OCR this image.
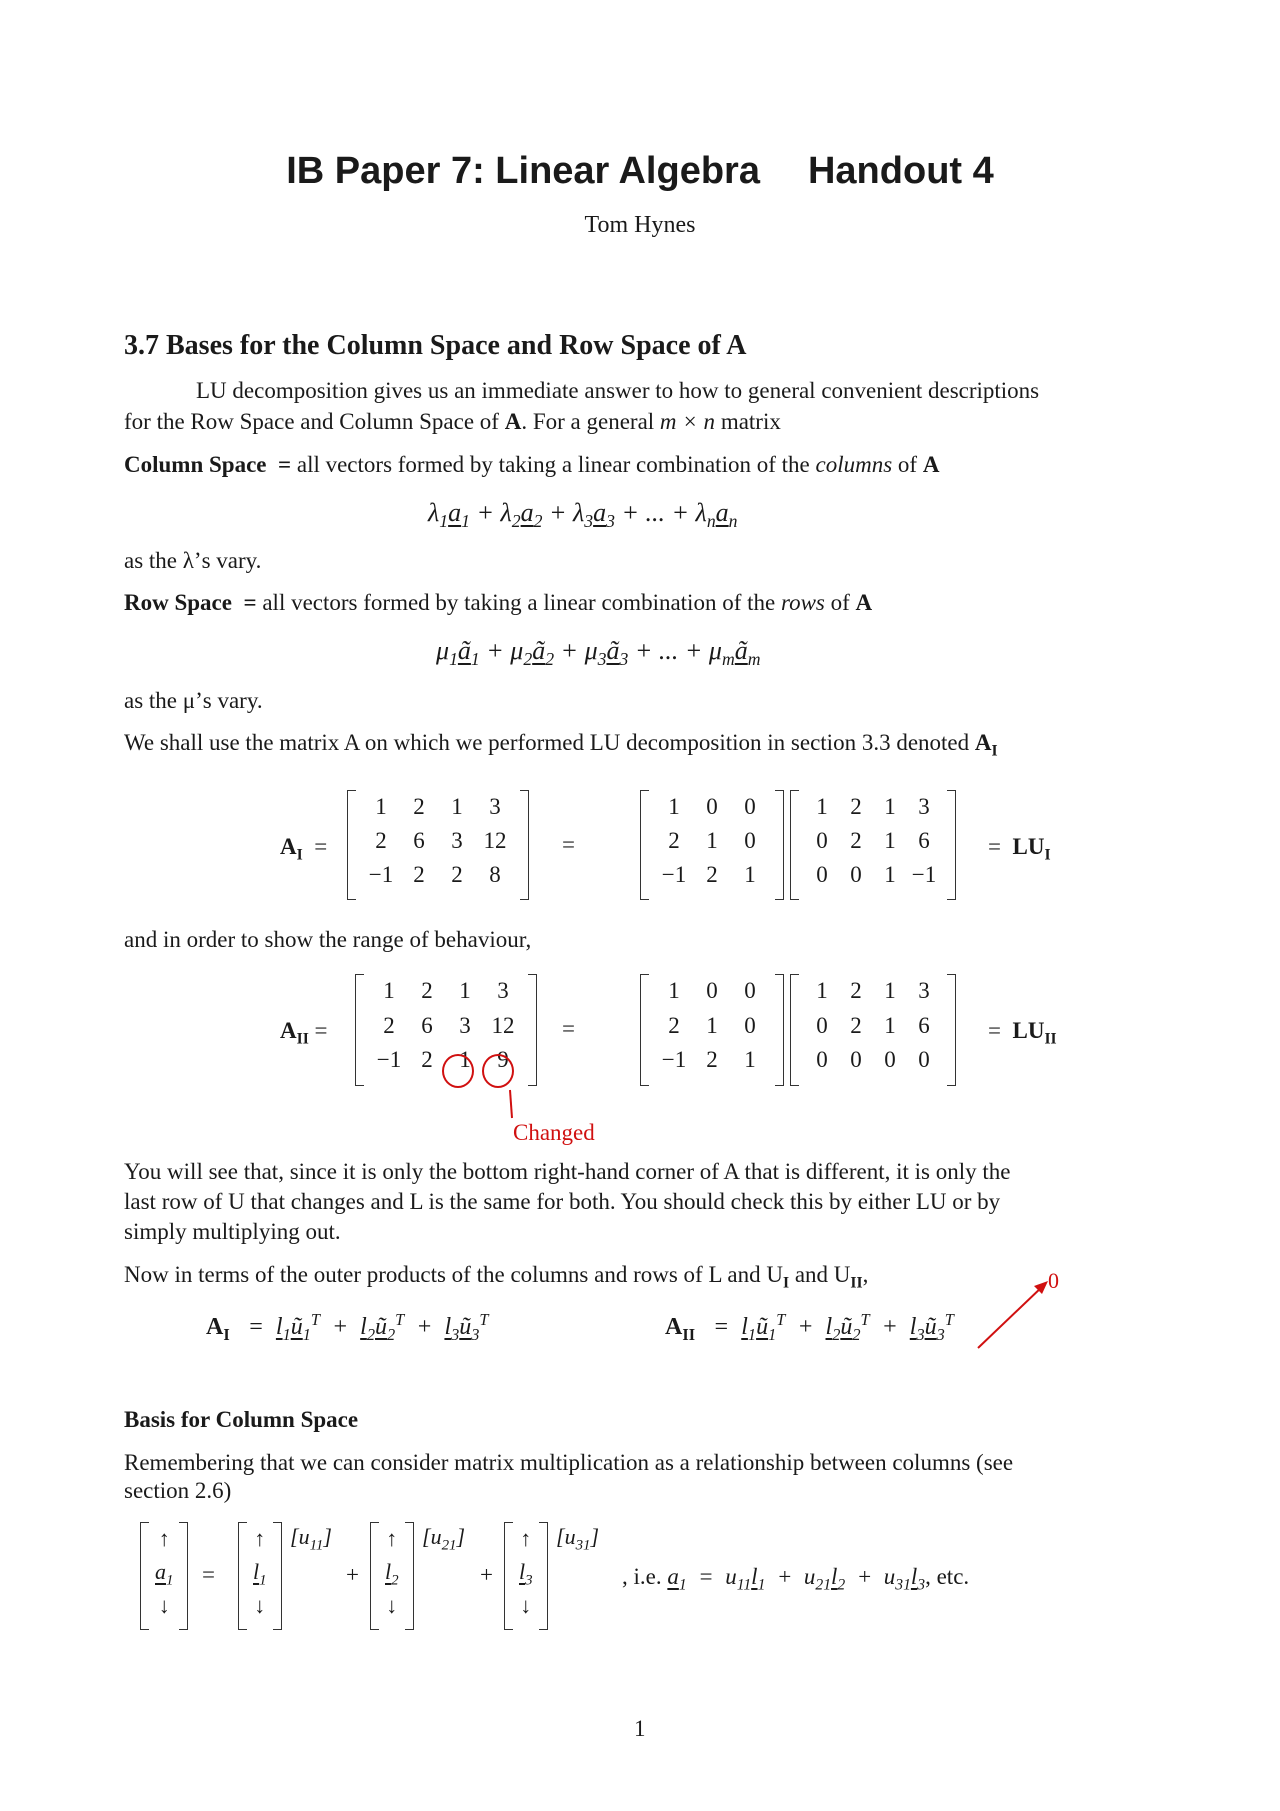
IB Paper 7: Linear Algebra Handout 4
Tom Hynes
3.7 Bases for the Column Space and Row Space of A
LU decomposition gives us an immediate answer to how to general convenient descriptions
for the Row Space and Column Space of A. For a general m × n matrix
Column Space = all vectors formed by taking a linear combination of the columns of A
$\lambda_1a_1 + \lambda_2a_2 + \lambda_3a_3$ + ... + $\lambda_na_n$
as the λ’s vary.
Row Space = all vectors formed by taking a linear combination of the rows of A
$\mu_1ã_1$ + $\mu_2ã_2$ + $\mu_3ã_3$ + ... + $\mu_mã_m$
as the μ’s vary.
We shall use the matrix A on which we performed LU decomposition in section 3.3 denoted $A_I$
$A_I$  =
1 2 1 3
2 6 3 12
−1 2 2 8
=
1 0 0
2 1 0
−1 2 1
1 2 1 3
0 2 1 6
0 0 1 −1
=  $LU_I$
and in order to show the range of behaviour,
$A_{II}$ =
1 2 1 3
2 6 3 12
−1 2 1 9
=
1 0 0
2 1 0
−1 2 1
1 2 1 3
0 2 1 6
0 0 0 0
=  $LU_{II}$
Changed
You will see that, since it is only the bottom right-hand corner of A that is different, it is only the
last row of U that changes and L is the same for both. You should check this by either LU or by
simply multiplying out.
Now in terms of the outer products of the columns and rows of L and $U_I$ and $U_{II}$,	0
$A_I$   =  $l_1ũ_1^T$  +  $l_2ũ_2^T$  +  $l_3ũ_3^T$	$A_{II}$   =  $l_1ũ_1^T$  +  $l_2ũ_2^T$  +  $l_3ũ_3^T$
Basis for Column Space
Remembering that we can consider matrix multiplication as a relationship between columns (see
section 2.6)
↑
$a_1$
↓
=
↑
$l_1$
↓
$[u_{11}]$
+
↑
$l_2$
↓
$[u_{21}]$
+
↑
$l_3$
↓
$[u_{31}]$
, i.e. $a_1 = u_{11}l_1 + u_{21}l_2 + u_{31}l_3$, etc.
1
